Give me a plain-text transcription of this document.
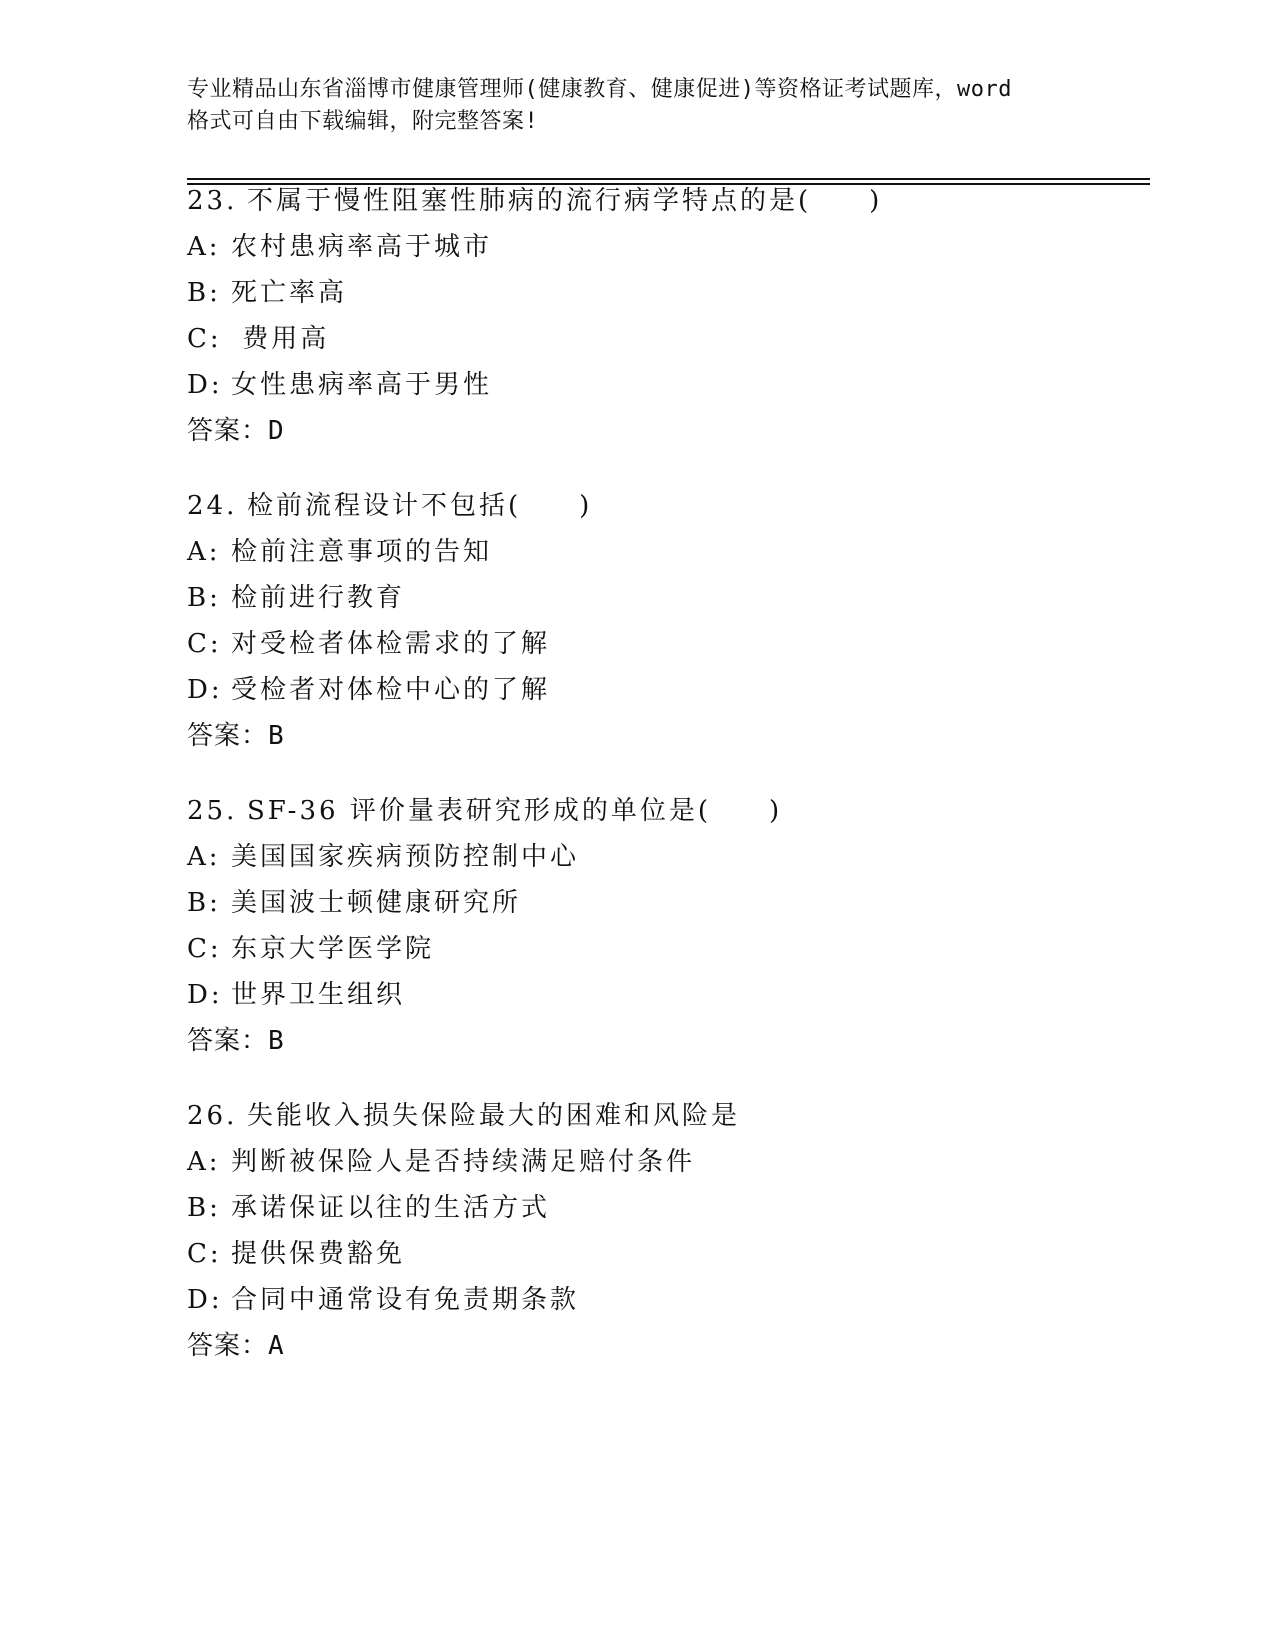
专业精品山东省淄博市健康管理师(健康教育、健康促进)等资格证考试题库，word
格式可自由下载编辑，附完整答案!
23. 不属于慢性阻塞性肺病的流行病学特点的是(　　)
A: 农村患病率高于城市
B: 死亡率高
C: 费用高
D: 女性患病率高于男性
答案：D
24. 检前流程设计不包括(　　)
A: 检前注意事项的告知
B: 检前进行教育
C: 对受检者体检需求的了解
D: 受检者对体检中心的了解
答案：B
25. SF-36 评价量表研究形成的单位是(　　)
A: 美国国家疾病预防控制中心
B: 美国波士顿健康研究所
C: 东京大学医学院
D: 世界卫生组织
答案：B
26. 失能收入损失保险最大的困难和风险是
A: 判断被保险人是否持续满足赔付条件
B: 承诺保证以往的生活方式
C: 提供保费豁免
D: 合同中通常设有免责期条款
答案：A
